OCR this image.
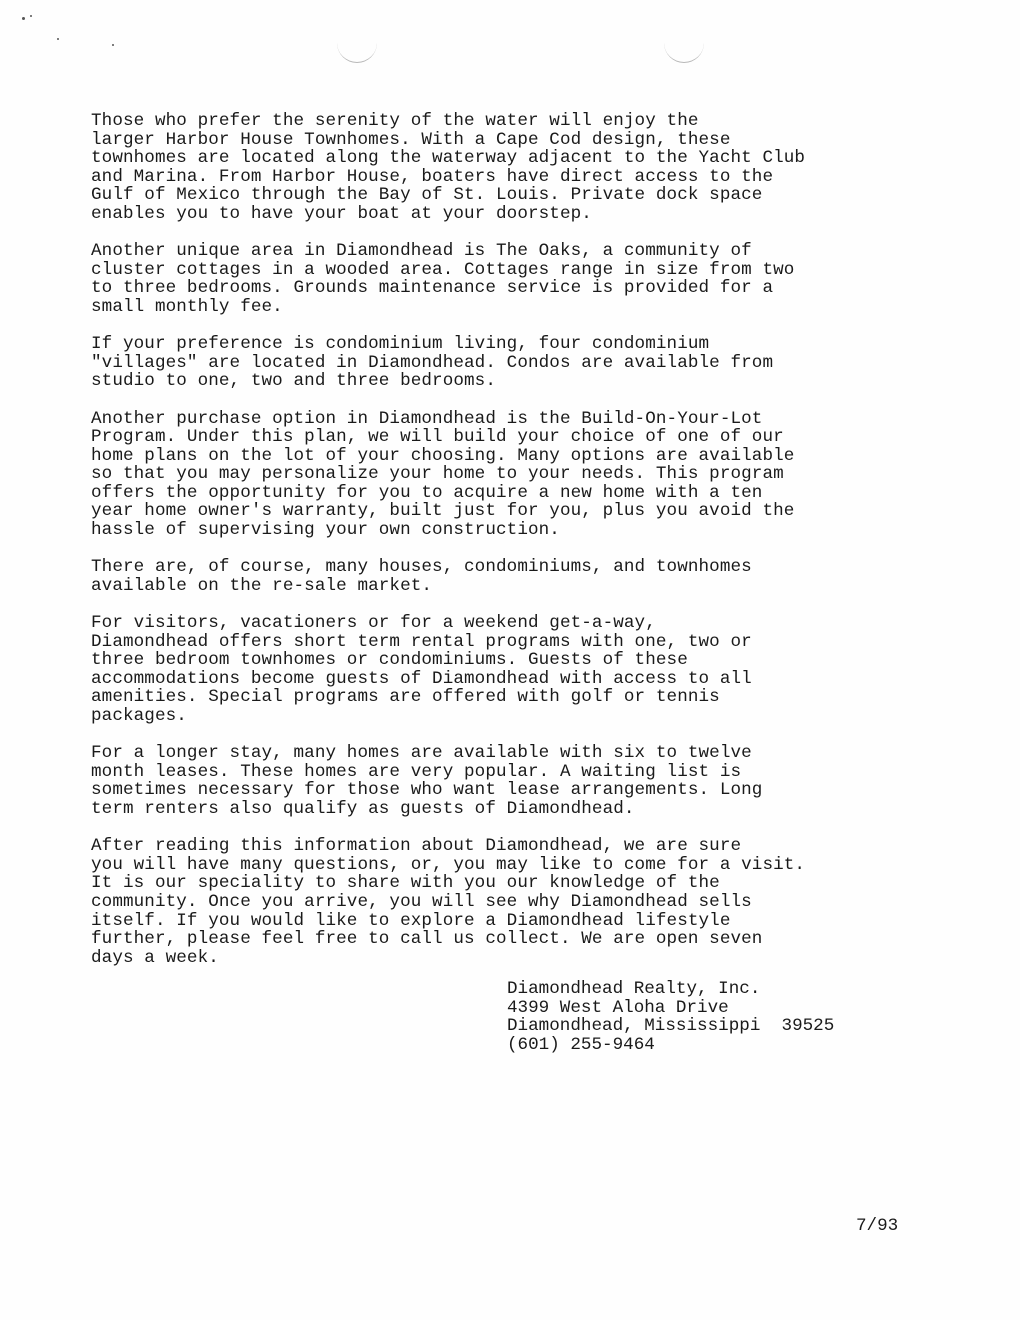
Those who prefer the serenity of the water will enjoy the
larger Harbor House Townhomes. With a Cape Cod design, these
townhomes are located along the waterway adjacent to the Yacht Club
and Marina. From Harbor House, boaters have direct access to the
Gulf of Mexico through the Bay of St. Louis. Private dock space
enables you to have your boat at your doorstep.

Another unique area in Diamondhead is The Oaks, a community of
cluster cottages in a wooded area. Cottages range in size from two
to three bedrooms. Grounds maintenance service is provided for a
small monthly fee.

If your preference is condominium living, four condominium
"villages" are located in Diamondhead. Condos are available from
studio to one, two and three bedrooms.

Another purchase option in Diamondhead is the Build-On-Your-Lot
Program. Under this plan, we will build your choice of one of our
home plans on the lot of your choosing. Many options are available
so that you may personalize your home to your needs. This program
offers the opportunity for you to acquire a new home with a ten
year home owner's warranty, built just for you, plus you avoid the
hassle of supervising your own construction.

There are, of course, many houses, condominiums, and townhomes
available on the re-sale market.

For visitors, vacationers or for a weekend get-a-way,
Diamondhead offers short term rental programs with one, two or
three bedroom townhomes or condominiums. Guests of these
accommodations become guests of Diamondhead with access to all
amenities. Special programs are offered with golf or tennis
packages.

For a longer stay, many homes are available with six to twelve
month leases. These homes are very popular. A waiting list is
sometimes necessary for those who want lease arrangements. Long
term renters also qualify as guests of Diamondhead.

After reading this information about Diamondhead, we are sure
you will have many questions, or, you may like to come for a visit.
It is our speciality to share with you our knowledge of the
community. Once you arrive, you will see why Diamondhead sells
itself. If you would like to explore a Diamondhead lifestyle
further, please feel free to call us collect. We are open seven
days a week.

Diamondhead Realty, Inc.
4399 West Aloha Drive
Diamondhead, Mississippi  39525
(601) 255-9464
7/93
